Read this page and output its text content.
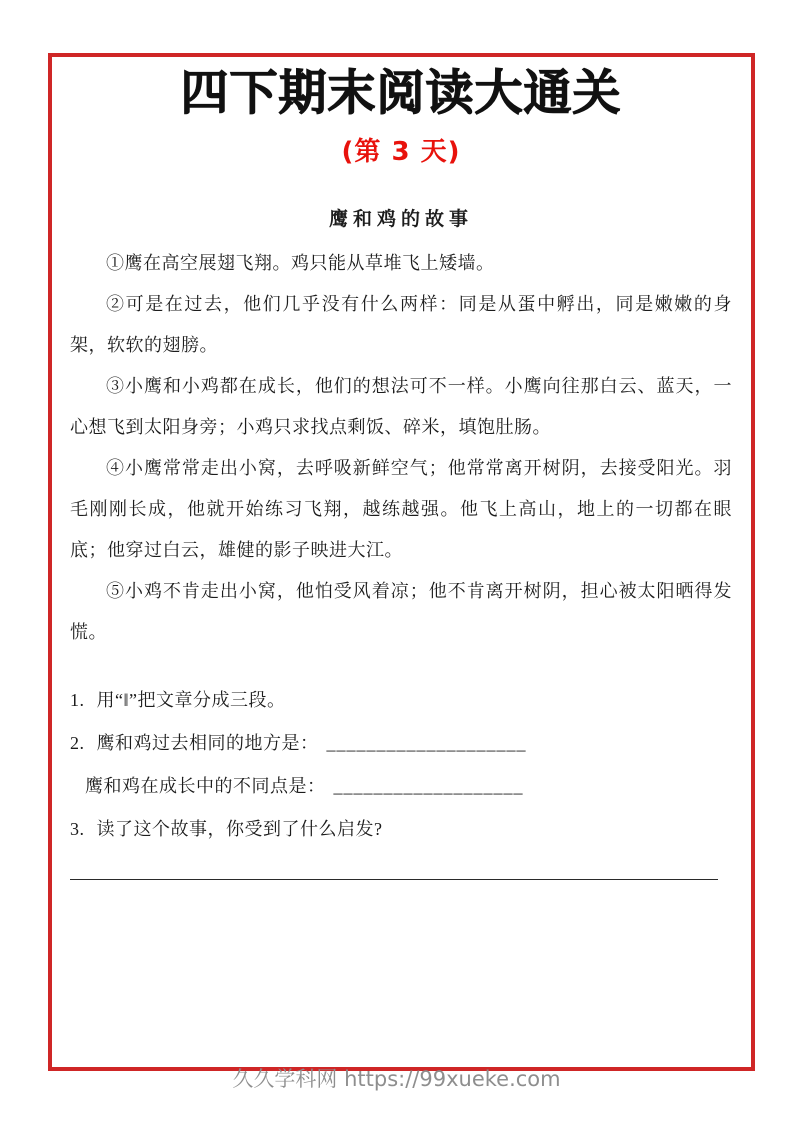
四下期末阅读大通关
(第 3 天)
鹰和鸡的故事

①鹰在高空展翅飞翔。鸡只能从草堆飞上矮墙。

②可是在过去，他们几乎没有什么两样：同是从蛋中孵出，同是嫩嫩的身架，软软的翅膀。

③小鹰和小鸡都在成长，他们的想法可不一样。小鹰向往那白云、蓝天，一心想飞到太阳身旁；小鸡只求找点剩饭、碎米，填饱肚肠。

④小鹰常常走出小窝，去呼吸新鲜空气；他常常离开树阴，去接受阳光。羽毛刚刚长成，他就开始练习飞翔，越练越强。他飞上高山，地上的一切都在眼底；他穿过白云，雄健的影子映进大江。

⑤小鸡不肯走出小窝，他怕受风着凉；他不肯离开树阴，担心被太阳晒得发慌。

1. 用“‖”把文章分成三段。
2. 鹰和鸡过去相同的地方是： ____________________
鹰和鸡在成长中的不同点是： ___________________
3. 读了这个故事，你受到了什么启发?
久久学科网 https://99xueke.com
